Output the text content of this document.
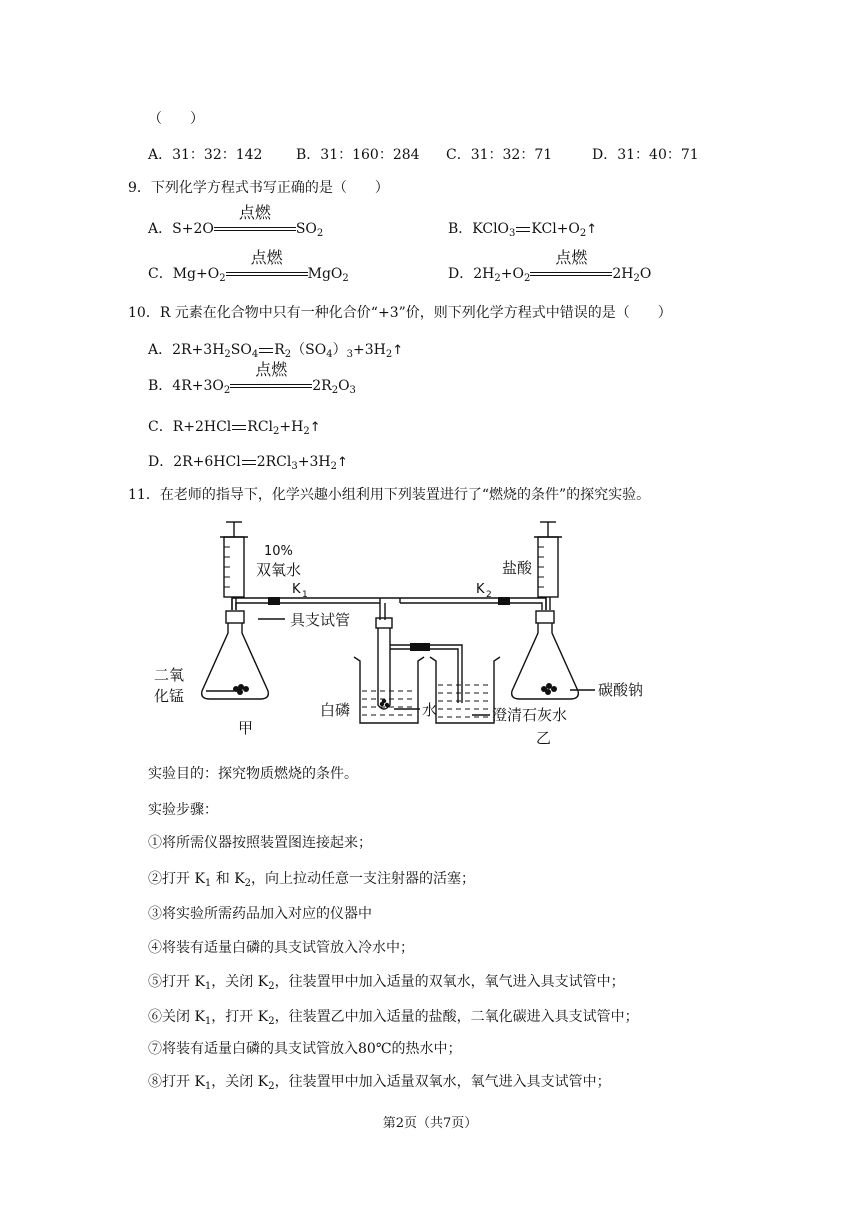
（　　）
A．31：32：142 B．31：160：284 C．31：32：71	D．31：40：71
9．下列化学方程式书写正确的是（　　）
A．S+2O
点燃
$SO_2$	B．KClO$_3$ $KCl+O_2↑$
C．$Mg+O_2$
点燃
MgO$_2$	D．$2H_2+O_2$
点燃
$2H_2O$
10．R 元素在化合物中只有一种化合价“+3”价，则下列化学方程式中错误的是（　　）
A．$2R+3H_2SO_4$ $R_2(SO_4)_3+3H_2↑$
B．$4R+3O_2$
点燃
$2R_2O_3$
C．R+2HCl $RCl_2+H_2↑$
D．2R+6HCl $2RCl_3+3H_2↑$
11．在老师的指导下，化学兴趣小组利用下列装置进行了“燃烧的条件”的探究实验。
10%
双氧水
K 1	K 2
盐酸
具支试管
二氧
化锰	碳酸钠
白磷	水	澄清石灰水
甲
乙
实验目的：探究物质燃烧的条件。
实验步骤：
①将所需仪器按照装置图连接起来；
②打开 $K_1$ 和 $K_2$，向上拉动任意一支注射器的活塞；
③将实验所需药品加入对应的仪器中
④将装有适量白磷的具支试管放入冷水中；
⑤打开 $K_1$，关闭 $K_2$，往装置甲中加入适量的双氧水，氧气进入具支试管中；
⑥关闭 $K_1$，打开 $K_2$，往装置乙中加入适量的盐酸，二氧化碳进入具支试管中；
⑦将装有适量白磷的具支试管放入80℃的热水中；
⑧打开 $K_1$，关闭 $K_2$，往装置甲中加入适量双氧水，氧气进入具支试管中；
第2页（共7页）
